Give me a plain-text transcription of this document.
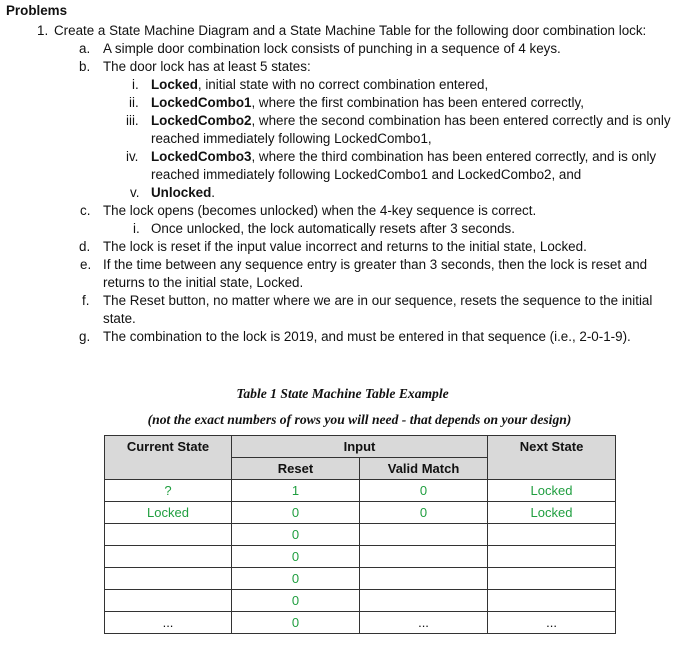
Problems
1. Create a State Machine Diagram and a State Machine Table for the following door combination lock:
a. A simple door combination lock consists of punching in a sequence of 4 keys.
b. The door lock has at least 5 states:
i. Locked, initial state with no correct combination entered,
ii. LockedCombo1, where the first combination has been entered correctly,
iii. LockedCombo2, where the second combination has been entered correctly and is only
reached immediately following LockedCombo1,
iv. LockedCombo3, where the third combination has been entered correctly, and is only
reached immediately following LockedCombo1 and LockedCombo2, and
v. Unlocked.
c. The lock opens (becomes unlocked) when the 4-key sequence is correct.
i. Once unlocked, the lock automatically resets after 3 seconds.
d. The lock is reset if the input value incorrect and returns to the initial state, Locked.
e. If the time between any sequence entry is greater than 3 seconds, then the lock is reset and
returns to the initial state, Locked.
f. The Reset button, no matter where we are in our sequence, resets the sequence to the initial
state.
g. The combination to the lock is 2019, and must be entered in that sequence (i.e., 2-0-1-9).
Table 1 State Machine Table Example
(not the exact numbers of rows you will need - that depends on your design)
Current State	Input		Next State
	Reset	Valid Match	
?	1	0	Locked
Locked	0	0	Locked
	0		
	0		
	0		
	0		
...	0	...	...
